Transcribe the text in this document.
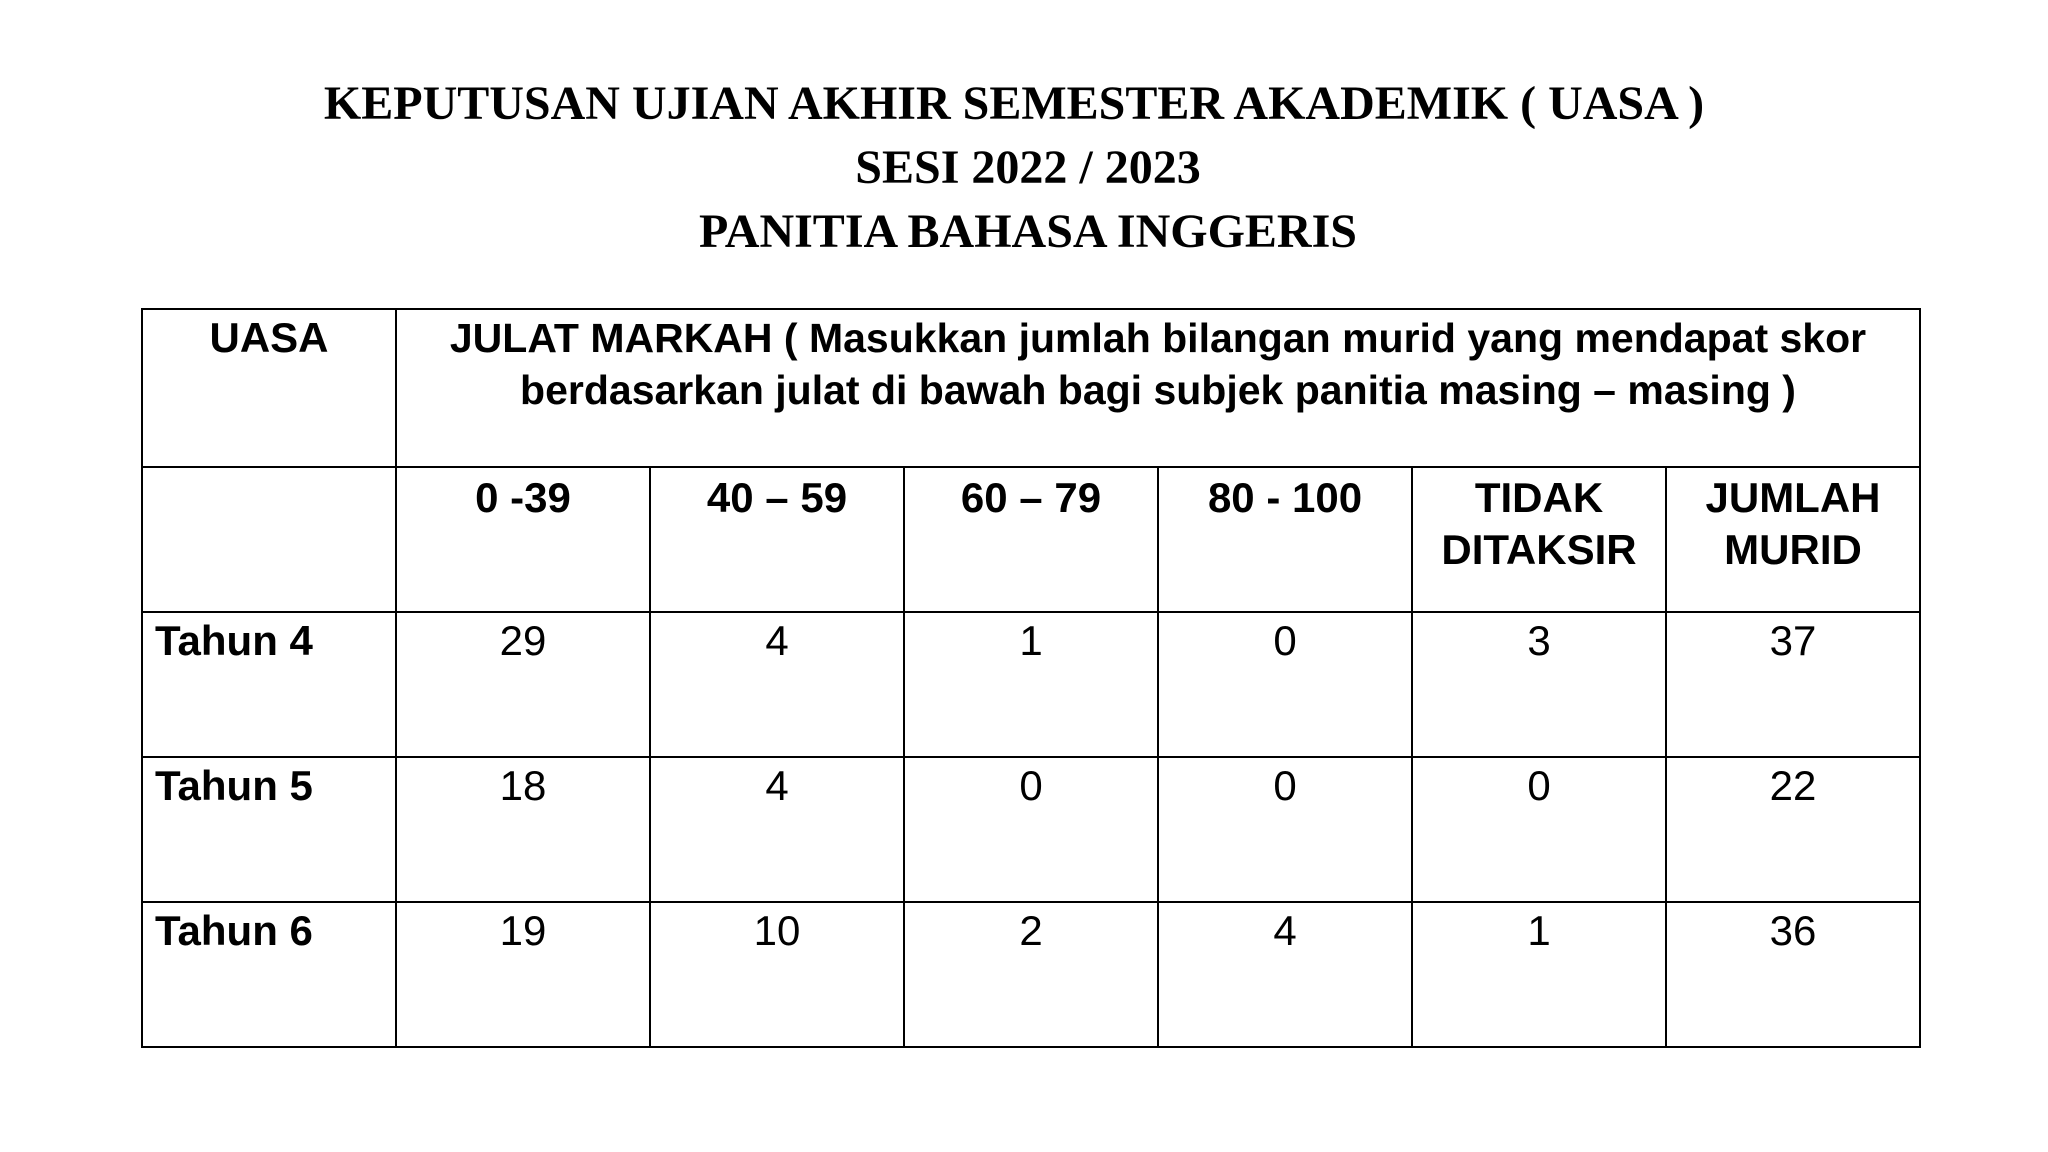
KEPUTUSAN UJIAN AKHIR SEMESTER AKADEMIK ( UASA )
SESI 2022 / 2023
PANITIA BAHASA INGGERIS
UASA	JULAT MARKAH ( Masukkan jumlah bilangan murid yang mendapat skor berdasarkan julat di bawah bagi subjek panitia masing – masing )					
	0 -39	40 – 59	60 – 79	80 - 100	TIDAK DITAKSIR	JUMLAH MURID
Tahun 4	29	4	1	0	3	37
Tahun 5	18	4	0	0	0	22
Tahun 6	19	10	2	4	1	36
